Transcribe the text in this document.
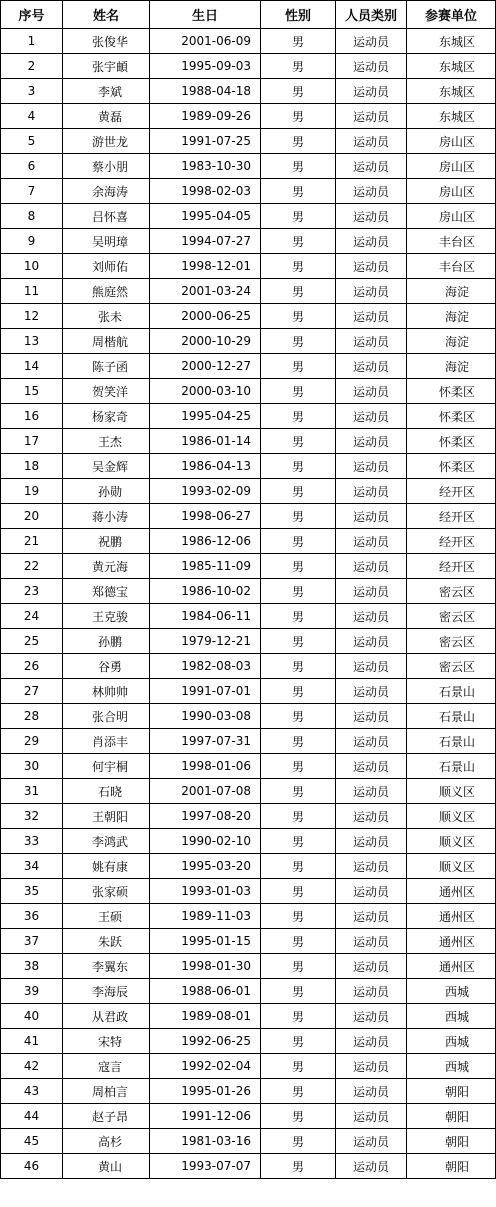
序号	姓名	生日	性别	人员类别	参赛单位
1	张俊华	2001-06-09	男	运动员	东城区
2	张宇頔	1995-09-03	男	运动员	东城区
3	李斌	1988-04-18	男	运动员	东城区
4	黄磊	1989-09-26	男	运动员	东城区
5	游世龙	1991-07-25	男	运动员	房山区
6	蔡小朋	1983-10-30	男	运动员	房山区
7	余海涛	1998-02-03	男	运动员	房山区
8	吕怀喜	1995-04-05	男	运动员	房山区
9	吴明璋	1994-07-27	男	运动员	丰台区
10	刘师佑	1998-12-01	男	运动员	丰台区
11	熊庭然	2001-03-24	男	运动员	海淀
12	张未	2000-06-25	男	运动员	海淀
13	周楷航	2000-10-29	男	运动员	海淀
14	陈子函	2000-12-27	男	运动员	海淀
15	贺笑洋	2000-03-10	男	运动员	怀柔区
16	杨家奇	1995-04-25	男	运动员	怀柔区
17	王杰	1986-01-14	男	运动员	怀柔区
18	吴金辉	1986-04-13	男	运动员	怀柔区
19	孙勋	1993-02-09	男	运动员	经开区
20	蒋小涛	1998-06-27	男	运动员	经开区
21	祝鹏	1986-12-06	男	运动员	经开区
22	黄元海	1985-11-09	男	运动员	经开区
23	郑德宝	1986-10-02	男	运动员	密云区
24	王克骏	1984-06-11	男	运动员	密云区
25	孙鹏	1979-12-21	男	运动员	密云区
26	谷勇	1982-08-03	男	运动员	密云区
27	林帅帅	1991-07-01	男	运动员	石景山
28	张合明	1990-03-08	男	运动员	石景山
29	肖添丰	1997-07-31	男	运动员	石景山
30	何宇桐	1998-01-06	男	运动员	石景山
31	石晓	2001-07-08	男	运动员	顺义区
32	王朝阳	1997-08-20	男	运动员	顺义区
33	李鸿武	1990-02-10	男	运动员	顺义区
34	姚有康	1995-03-20	男	运动员	顺义区
35	张家硕	1993-01-03	男	运动员	通州区
36	王硕	1989-11-03	男	运动员	通州区
37	朱跃	1995-01-15	男	运动员	通州区
38	李翼东	1998-01-30	男	运动员	通州区
39	李海辰	1988-06-01	男	运动员	西城
40	从君政	1989-08-01	男	运动员	西城
41	宋特	1992-06-25	男	运动员	西城
42	寇言	1992-02-04	男	运动员	西城
43	周柏言	1995-01-26	男	运动员	朝阳
44	赵子昂	1991-12-06	男	运动员	朝阳
45	高杉	1981-03-16	男	运动员	朝阳
46	黄山	1993-07-07	男	运动员	朝阳
